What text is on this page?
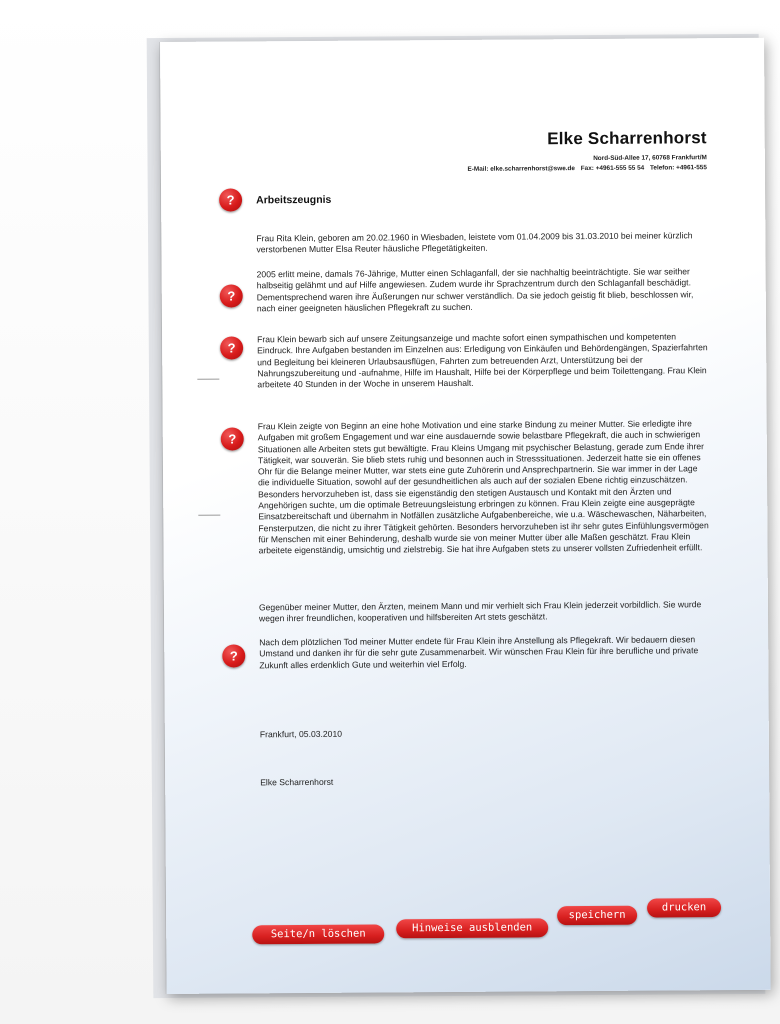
Elke Scharrenhorst
Nord-Süd-Allee 17, 60768 Frankfurt/M
E-Mail: elke.scharrenhorst@swe.de Fax: +4961-555 55 54 Telefon: +4961-555
Arbeitszeugnis
?
?
?
?
?
Frau Rita Klein, geboren am 20.02.1960 in Wiesbaden, leistete vom 01.04.2009 bis 31.03.2010 bei meiner kürzlich verstorbenen Mutter Elsa Reuter häusliche Pflegetätigkeiten.
2005 erlitt meine, damals 76-Jährige, Mutter einen Schlaganfall, der sie nachhaltig beeinträchtigte. Sie war seither halbseitig gelähmt und auf Hilfe angewiesen. Zudem wurde ihr Sprachzentrum durch den Schlaganfall beschädigt. Dementsprechend waren ihre Äußerungen nur schwer verständlich. Da sie jedoch geistig fit blieb, beschlossen wir, nach einer geeigneten häuslichen Pflegekraft zu suchen.
Frau Klein bewarb sich auf unsere Zeitungsanzeige und machte sofort einen sympathischen und kompetenten Eindruck. Ihre Aufgaben bestanden im Einzelnen aus: Erledigung von Einkäufen und Behördengängen, Spazierfahrten und Begleitung bei kleineren Urlaubsausflügen, Fahrten zum betreuenden Arzt, Unterstützung bei der Nahrungszubereitung und -aufnahme, Hilfe im Haushalt, Hilfe bei der Körperpflege und beim Toilettengang. Frau Klein arbeitete 40 Stunden in der Woche in unserem Haushalt.
Frau Klein zeigte von Beginn an eine hohe Motivation und eine starke Bindung zu meiner Mutter. Sie erledigte ihre Aufgaben mit großem Engagement und war eine ausdauernde sowie belastbare Pflegekraft, die auch in schwierigen Situationen alle Arbeiten stets gut bewältigte. Frau Kleins Umgang mit psychischer Belastung, gerade zum Ende ihrer Tätigkeit, war souverän. Sie blieb stets ruhig und besonnen auch in Stresssituationen. Jederzeit hatte sie ein offenes Ohr für die Belange meiner Mutter, war stets eine gute Zuhörerin und Ansprechpartnerin. Sie war immer in der Lage die individuelle Situation, sowohl auf der gesundheitlichen als auch auf der sozialen Ebene richtig einzuschätzen. Besonders hervorzuheben ist, dass sie eigenständig den stetigen Austausch und Kontakt mit den Ärzten und Angehörigen suchte, um die optimale Betreuungsleistung erbringen zu können. Frau Klein zeigte eine ausgeprägte Einsatzbereitschaft und übernahm in Notfällen zusätzliche Aufgabenbereiche, wie u.a. Wäschewaschen, Näharbeiten, Fensterputzen, die nicht zu ihrer Tätigkeit gehörten. Besonders hervorzuheben ist ihr sehr gutes Einfühlungsvermögen für Menschen mit einer Behinderung, deshalb wurde sie von meiner Mutter über alle Maßen geschätzt. Frau Klein arbeitete eigenständig, umsichtig und zielstrebig. Sie hat ihre Aufgaben stets zu unserer vollsten Zufriedenheit erfüllt.
Gegenüber meiner Mutter, den Ärzten, meinem Mann und mir verhielt sich Frau Klein jederzeit vorbildlich. Sie wurde wegen ihrer freundlichen, kooperativen und hilfsbereiten Art stets geschätzt.
Nach dem plötzlichen Tod meiner Mutter endete für Frau Klein ihre Anstellung als Pflegekraft. Wir bedauern diesen Umstand und danken ihr für die sehr gute Zusammenarbeit. Wir wünschen Frau Klein für ihre berufliche und private Zukunft alles erdenklich Gute und weiterhin viel Erfolg.
Frankfurt, 05.03.2010
Elke Scharrenhorst
Seite/n löschen	Hinweise ausblenden
speichern
drucken
